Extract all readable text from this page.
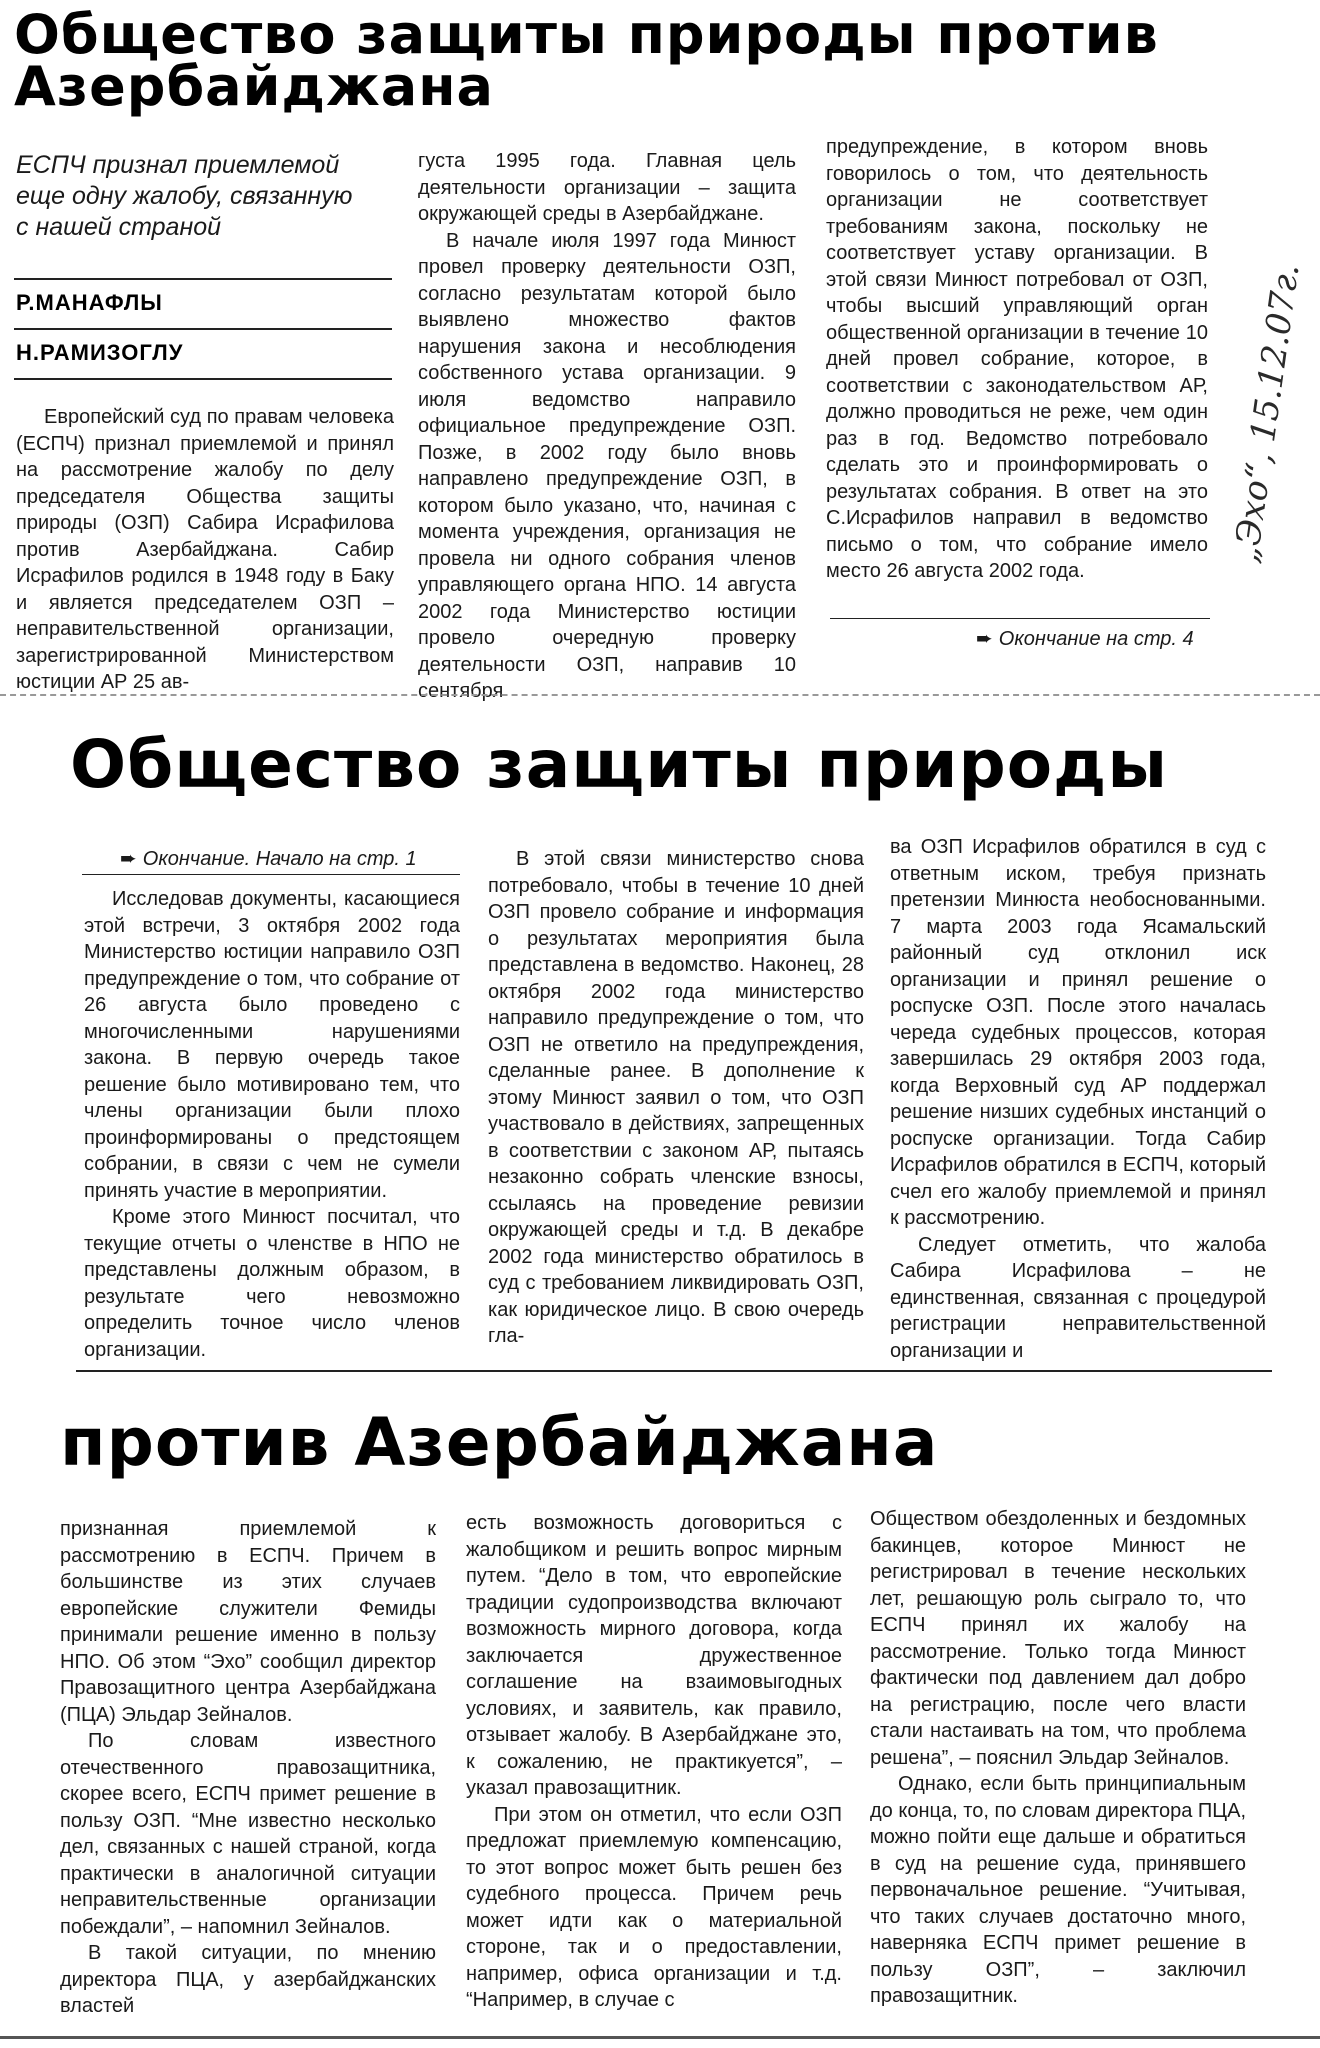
Общество защиты природы против
Азербайджана
ЕСПЧ признал приемлемой
еще одну жалобу, связанную
с нашей страной
Р.МАНАФЛЫ
Н.РАМИЗОГЛУ

Европейский суд по правам человека (ЕСПЧ) признал приемлемой и принял на рассмотрение жалобу по делу председателя Общества защиты природы (ОЗП) Сабира Исрафилова против Азербайджана. Сабир Исрафилов родился в 1948 году в Баку и является председателем ОЗП – неправительственной организации, зарегистрированной Министерством юстиции АР 25 ав-

густа 1995 года. Главная цель деятельности организации – защита окружающей среды в Азербайджане.

В начале июля 1997 года Минюст провел проверку деятельности ОЗП, согласно результатам которой было выявлено множество фактов нарушения закона и несоблюдения собственного устава организации. 9 июля ведомство направило официальное предупреждение ОЗП. Позже, в 2002 году было вновь направлено предупреждение ОЗП, в котором было указано, что, начиная с момента учреждения, организация не провела ни одного собрания членов управляющего органа НПО. 14 августа 2002 года Министерство юстиции провело очередную проверку деятельности ОЗП, направив 10 сентября

предупреждение, в котором вновь говорилось о том, что деятельность организации не соответствует требованиям закона, поскольку не соответствует уставу организации. В этой связи Минюст потребовал от ОЗП, чтобы высший управляющий орган общественной организации в течение 10 дней провел собрание, которое, в соответствии с законодательством АР, должно проводиться не реже, чем один раз в год. Ведомство потребовало сделать это и проинформировать о результатах собрания. В ответ на это С.Исрафилов направил в ведомство письмо о том, что собрание имело место 26 августа 2002 года.

➨ Окончание на стр. 4
„Эхо“, 15.12.07г.
Общество защиты природы
➨ Окончание. Начало на стр. 1

Исследовав документы, касающиеся этой встречи, 3 октября 2002 года Министерство юстиции направило ОЗП предупреждение о том, что собрание от 26 августа было проведено с многочисленными нарушениями закона. В первую очередь такое решение было мотивировано тем, что члены организации были плохо проинформированы о предстоящем собрании, в связи с чем не сумели принять участие в мероприятии.

Кроме этого Минюст посчитал, что текущие отчеты о членстве в НПО не представлены должным образом, в результате чего невозможно определить точное число членов организации.

В этой связи министерство снова потребовало, чтобы в течение 10 дней ОЗП провело собрание и информация о результатах мероприятия была представлена в ведомство. Наконец, 28 октября 2002 года министерство направило предупреждение о том, что ОЗП не ответило на предупреждения, сделанные ранее. В дополнение к этому Минюст заявил о том, что ОЗП участвовало в действиях, запрещенных в соответствии с законом АР, пытаясь незаконно собрать членские взносы, ссылаясь на проведение ревизии окружающей среды и т.д. В декабре 2002 года министерство обратилось в суд с требованием ликвидировать ОЗП, как юридическое лицо. В свою очередь гла-

ва ОЗП Исрафилов обратился в суд с ответным иском, требуя признать претензии Минюста необоснованными. 7 марта 2003 года Ясамальский районный суд отклонил иск организации и принял решение о роспуске ОЗП. После этого началась череда судебных процессов, которая завершилась 29 октября 2003 года, когда Верховный суд АР поддержал решение низших судебных инстанций о роспуске организации. Тогда Сабир Исрафилов обратился в ЕСПЧ, который счел его жалобу приемлемой и принял к рассмотрению.

Следует отметить, что жалоба Сабира Исрафилова – не единственная, связанная с процедурой регистрации неправительственной организации и

против Азербайджана

признанная приемлемой к рассмотрению в ЕСПЧ. Причем в большинстве из этих случаев европейские служители Фемиды принимали решение именно в пользу НПО. Об этом “Эхо” сообщил директор Правозащитного центра Азербайджана (ПЦА) Эльдар Зейналов.

По словам известного отечественного правозащитника, скорее всего, ЕСПЧ примет решение в пользу ОЗП. “Мне известно несколько дел, связанных с нашей страной, когда практически в аналогичной ситуации неправительственные организации побеждали”, – напомнил Зейналов.

В такой ситуации, по мнению директора ПЦА, у азербайджанских властей

есть возможность договориться с жалобщиком и решить вопрос мирным путем. “Дело в том, что европейские традиции судопроизводства включают возможность мирного договора, когда заключается дружественное соглашение на взаимовыгодных условиях, и заявитель, как правило, отзывает жалобу. В Азербайджане это, к сожалению, не практикуется”, – указал правозащитник.

При этом он отметил, что если ОЗП предложат приемлемую компенсацию, то этот вопрос может быть решен без судебного процесса. Причем речь может идти как о материальной стороне, так и о предоставлении, например, офиса организации и т.д. “Например, в случае с

Обществом обездоленных и бездомных бакинцев, которое Минюст не регистрировал в течение нескольких лет, решающую роль сыграло то, что ЕСПЧ принял их жалобу на рассмотрение. Только тогда Минюст фактически под давлением дал добро на регистрацию, после чего власти стали настаивать на том, что проблема решена”, – пояснил Эльдар Зейналов.

Однако, если быть принципиальным до конца, то, по словам директора ПЦА, можно пойти еще дальше и обратиться в суд на решение суда, принявшего первоначальное решение. “Учитывая, что таких случаев достаточно много, наверняка ЕСПЧ примет решение в пользу ОЗП”, – заключил правозащитник.
